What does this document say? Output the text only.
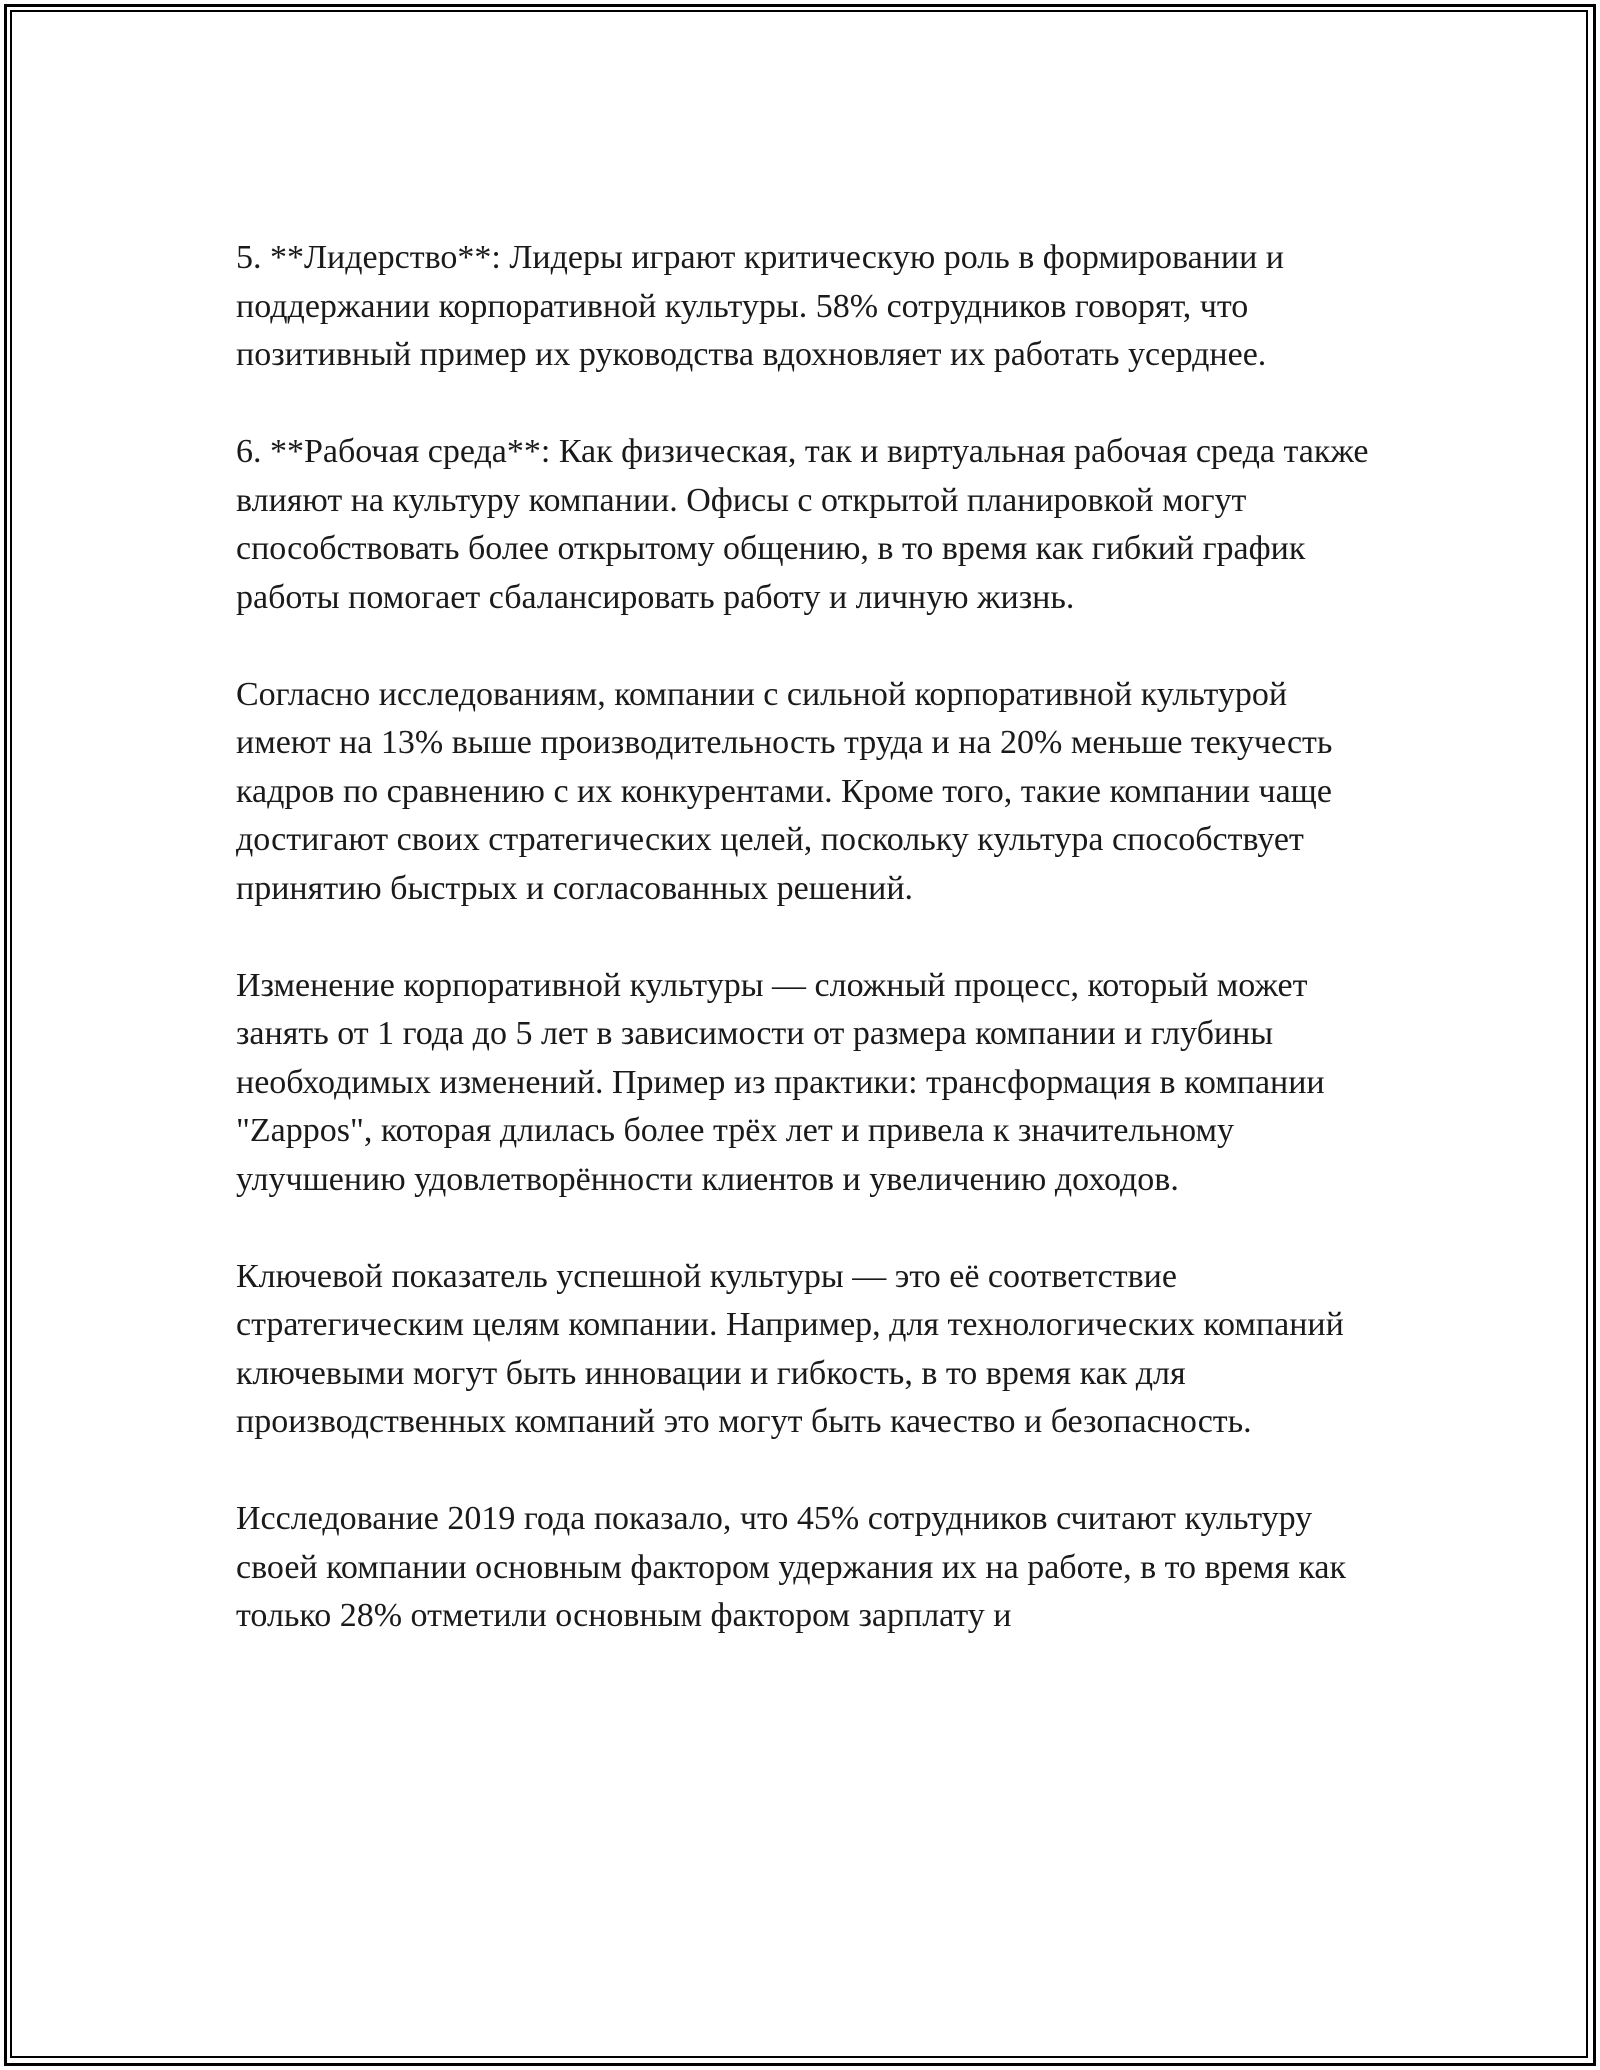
5. **Лидерство**: Лидеры играют критическую роль в формировании и поддержании корпоративной культуры. 58% сотрудников говорят, что позитивный пример их руководства вдохновляет их работать усерднее.

6. **Рабочая среда**: Как физическая, так и виртуальная рабочая среда также влияют на культуру компании. Офисы с открытой планировкой могут способствовать более открытому общению, в то время как гибкий график работы помогает сбалансировать работу и личную жизнь.

Согласно исследованиям, компании с сильной корпоративной культурой имеют на 13% выше производительность труда и на 20% меньше текучесть кадров по сравнению с их конкурентами. Кроме того, такие компании чаще достигают своих стратегических целей, поскольку культура способствует принятию быстрых и согласованных решений.

Изменение корпоративной культуры — сложный процесс, который может занять от 1 года до 5 лет в зависимости от размера компании и глубины необходимых изменений. Пример из практики: трансформация в компании "Zappos", которая длилась более трёх лет и привела к значительному улучшению удовлетворённости клиентов и увеличению доходов.

Ключевой показатель успешной культуры — это её соответствие стратегическим целям компании. Например, для технологических компаний ключевыми могут быть инновации и гибкость, в то время как для производственных компаний это могут быть качество и безопасность.

Исследование 2019 года показало, что 45% сотрудников считают культуру своей компании основным фактором удержания их на работе, в то время как только 28% отметили основным фактором зарплату и
